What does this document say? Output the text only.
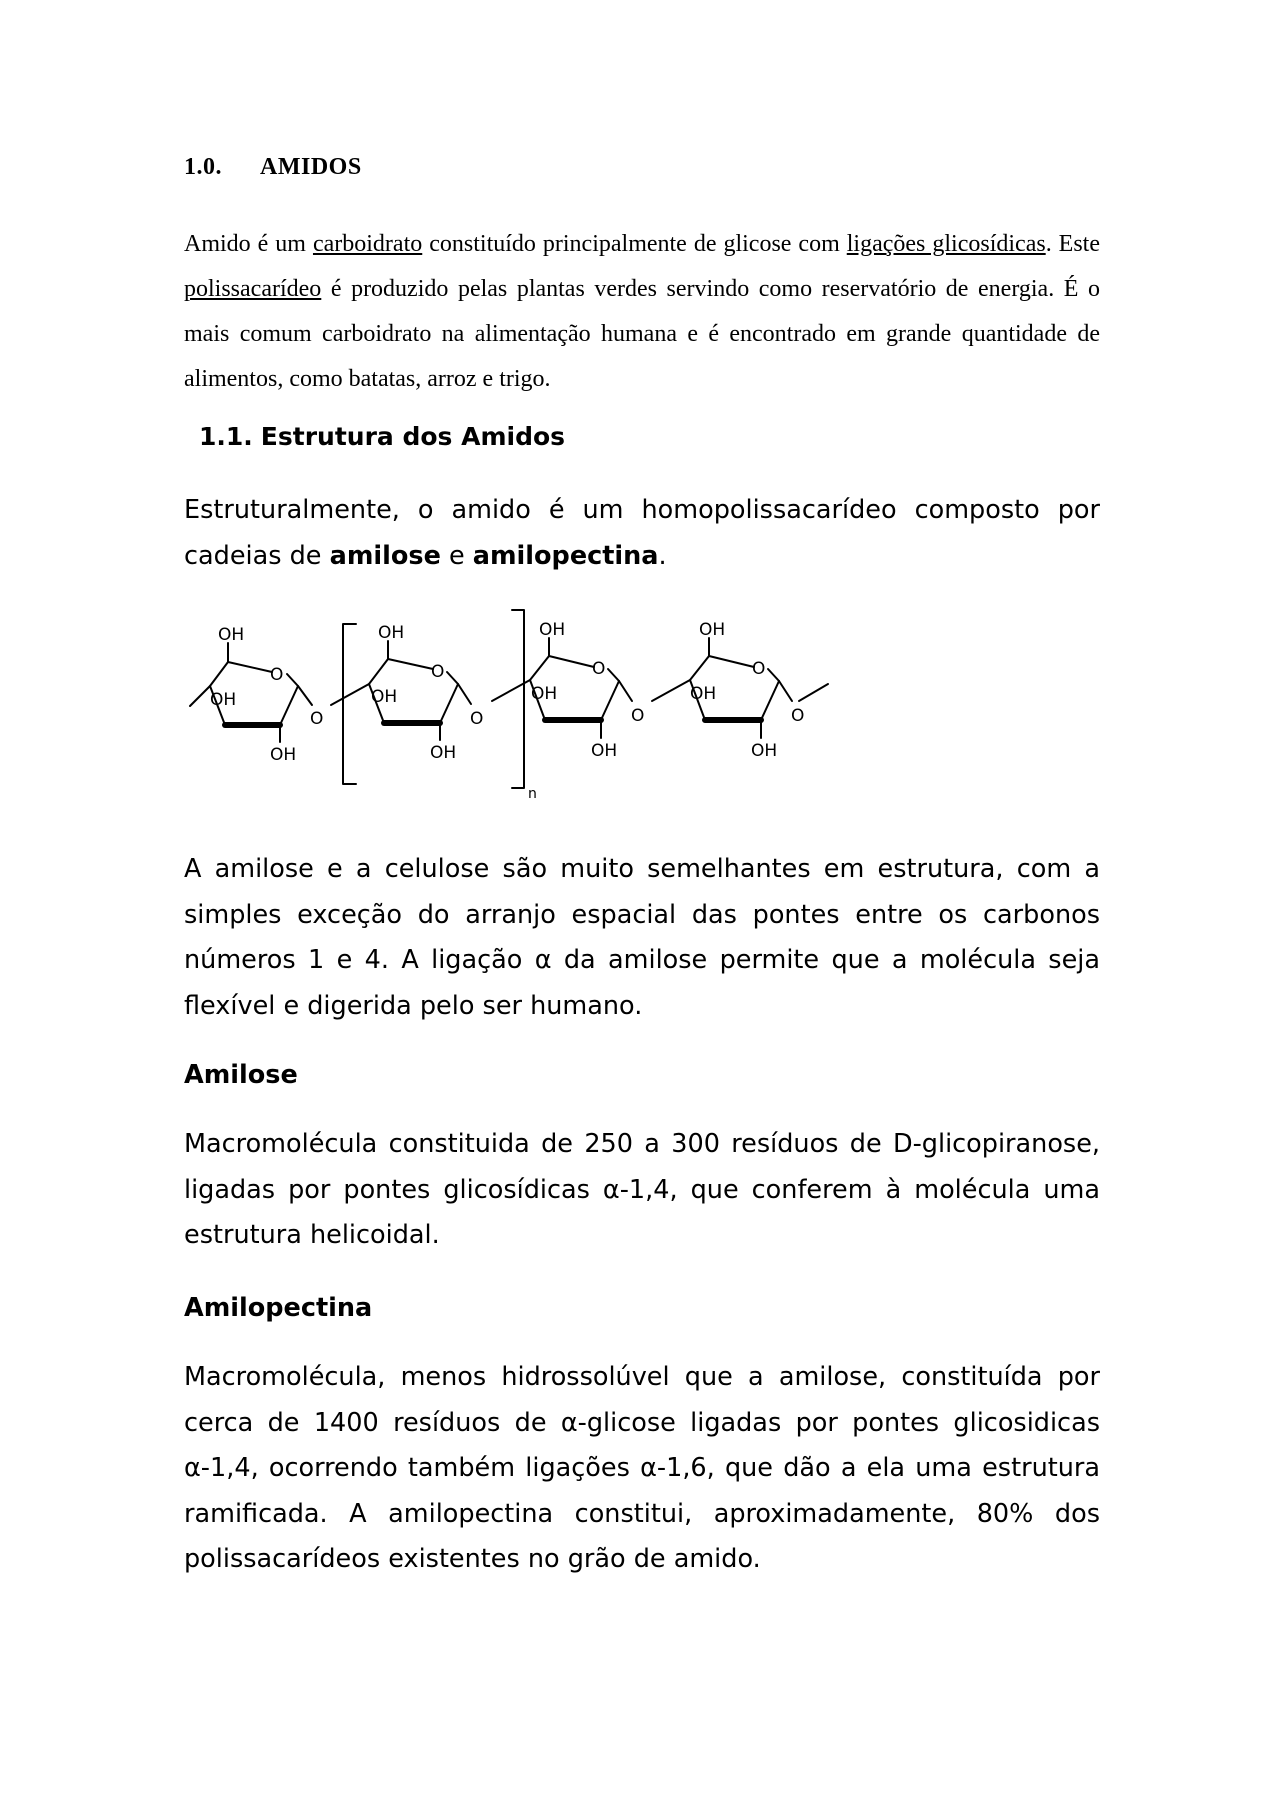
1.0. AMIDOS

Amido é um carboidrato constituído principalmente de glicose com ligações glicosídicas. Este polissacarídeo é produzido pelas plantas verdes servindo como reservatório de energia. É o mais comum carboidrato na alimentação humana e é encontrado em grande quantidade de alimentos, como batatas, arroz e trigo.

1.1. Estrutura dos Amidos

Estruturalmente, o amido é um homopolissacarídeo composto por cadeias de amilose e amilopectina.

OH
O
OH
OH
O
OH
O
OH
OH
O
OH
O
OH
OH
O
OH
O
OH
OH
O
n

A amilose e a celulose são muito semelhantes em estrutura, com a simples exceção do arranjo espacial das pontes entre os carbonos números 1 e 4. A ligação α da amilose permite que a molécula seja flexível e digerida pelo ser humano.

Amilose

Macromolécula constituida de 250 a 300 resíduos de D-glicopiranose, ligadas por pontes glicosídicas α-1,4, que conferem à molécula uma estrutura helicoidal.

Amilopectina

Macromolécula, menos hidrossolúvel que a amilose, constituída por cerca de 1400 resíduos de α-glicose ligadas por pontes glicosidicas α-1,4, ocorrendo também ligações α-1,6, que dão a ela uma estrutura ramificada. A amilopectina constitui, aproximadamente, 80% dos polissacarídeos existentes no grão de amido.
